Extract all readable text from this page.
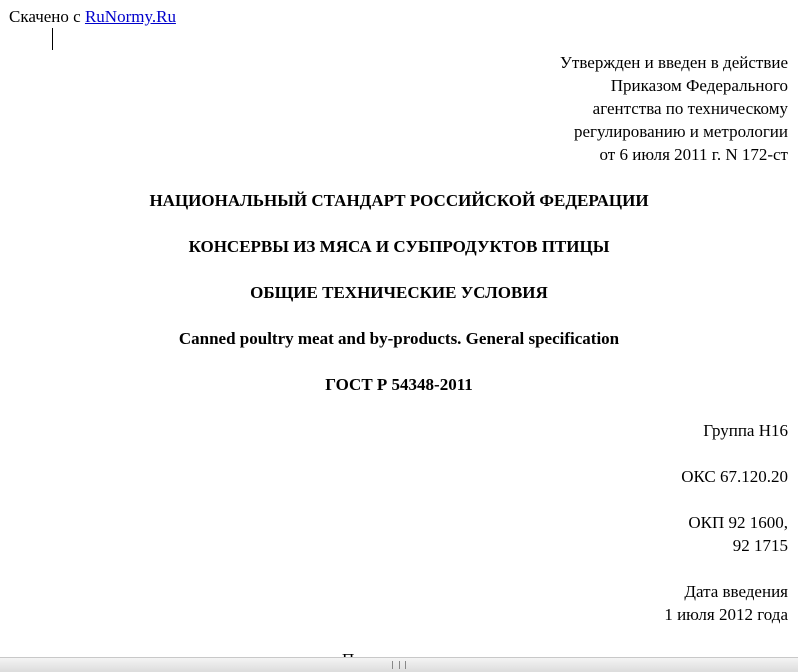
Скачено с RuNormy.Ru
Утвержден и введен в действие
Приказом Федерального
агентства по техническому
регулированию и метрологии
от 6 июля 2011 г. N 172-ст
НАЦИОНАЛЬНЫЙ СТАНДАРТ РОССИЙСКОЙ ФЕДЕРАЦИИ
КОНСЕРВЫ ИЗ МЯСА И СУБПРОДУКТОВ ПТИЦЫ
ОБЩИЕ ТЕХНИЧЕСКИЕ УСЛОВИЯ
Canned poultry meat and by-products. General specification
ГОСТ Р 54348-2011
Группа Н16
ОКС 67.120.20
ОКП 92 1600,
92 1715
Дата введения
1 июля 2012 года
